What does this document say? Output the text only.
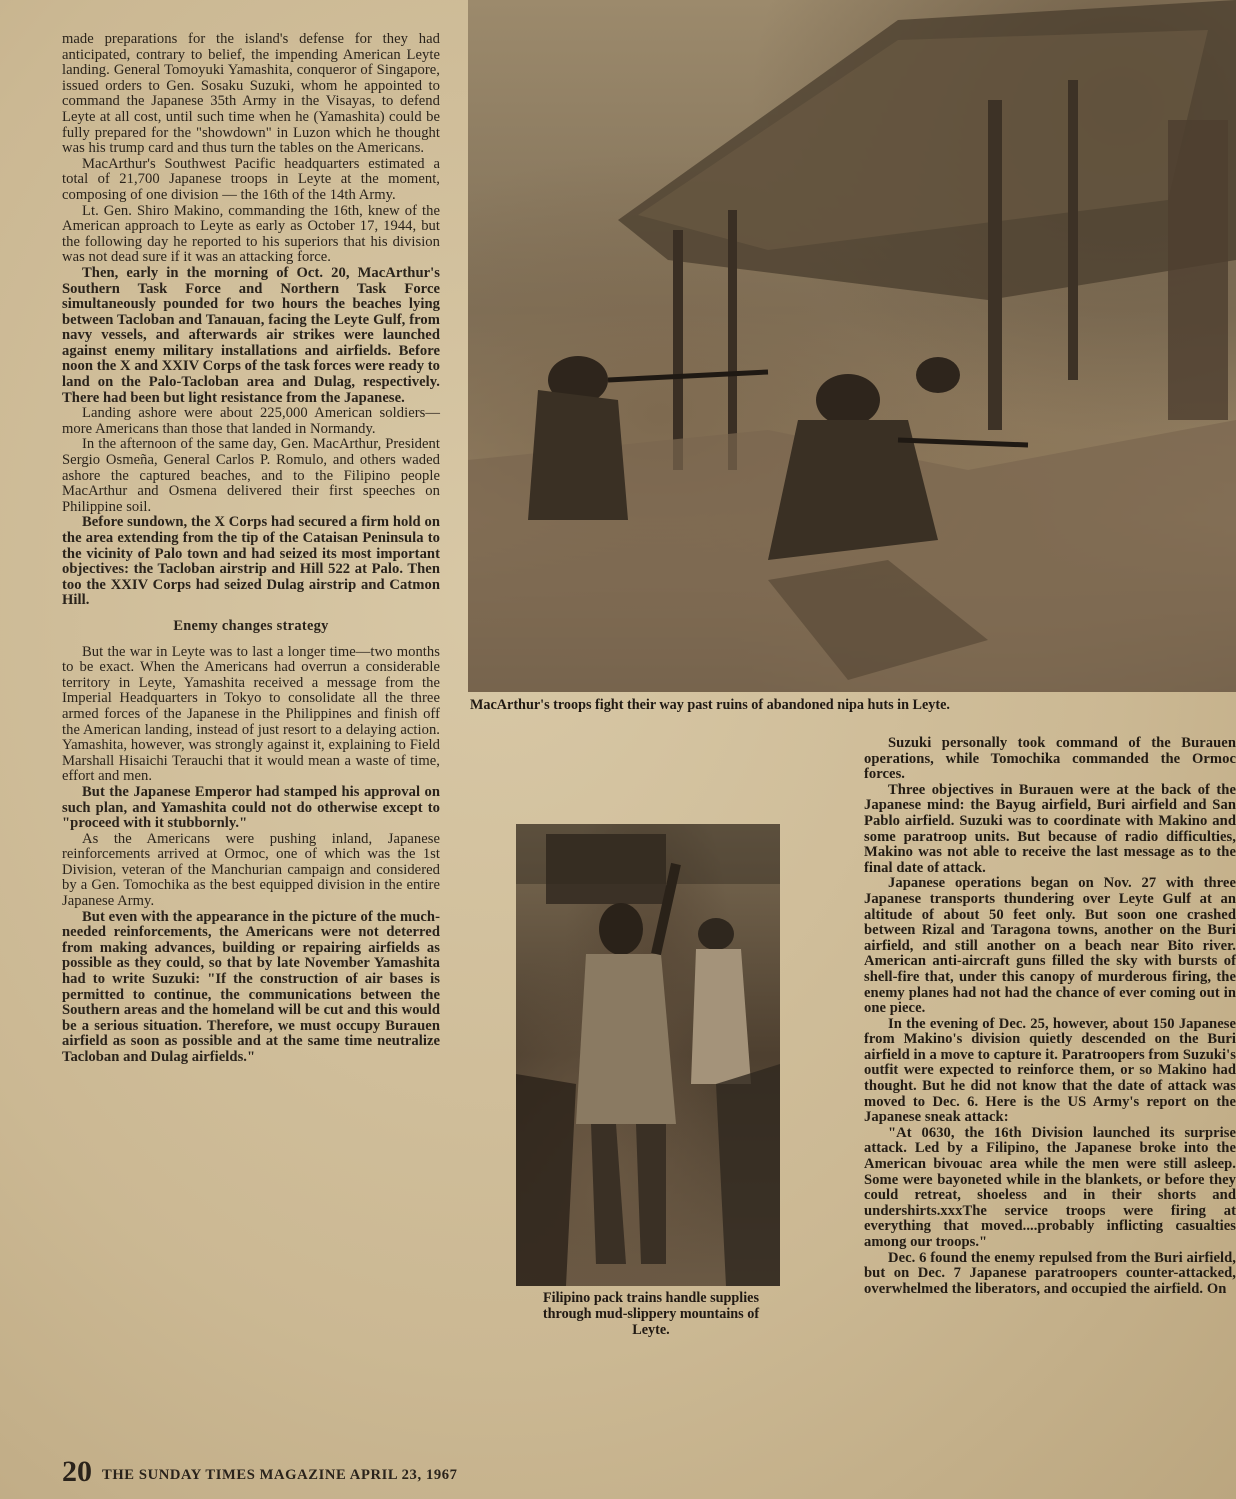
made preparations for the island's defense for they had anticipated, contrary to belief, the impending American Leyte landing. General Tomoyuki Yamashita, conqueror of Singapore, issued orders to Gen. Sosaku Suzuki, whom he appointed to command the Japanese 35th Army in the Visayas, to defend Leyte at all cost, until such time when he (Yamashita) could be fully prepared for the "showdown" in Luzon which he thought was his trump card and thus turn the tables on the Americans.

MacArthur's Southwest Pacific headquarters estimated a total of 21,700 Japanese troops in Leyte at the moment, composing of one division — the 16th of the 14th Army.

Lt. Gen. Shiro Makino, commanding the 16th, knew of the American approach to Leyte as early as October 17, 1944, but the following day he reported to his superiors that his division was not dead sure if it was an attacking force.

Then, early in the morning of Oct. 20, MacArthur's Southern Task Force and Northern Task Force simultaneously pounded for two hours the beaches lying between Tacloban and Tanauan, facing the Leyte Gulf, from navy vessels, and afterwards air strikes were launched against enemy military installations and airfields. Before noon the X and XXIV Corps of the task forces were ready to land on the Palo-Tacloban area and Dulag, respectively. There had been but light resistance from the Japanese.

Landing ashore were about 225,000 American soldiers—more Americans than those that landed in Normandy.

In the afternoon of the same day, Gen. MacArthur, President Sergio Osmeña, General Carlos P. Romulo, and others waded ashore the captured beaches, and to the Filipino people MacArthur and Osmena delivered their first speeches on Philippine soil.

Before sundown, the X Corps had secured a firm hold on the area extending from the tip of the Cataisan Peninsula to the vicinity of Palo town and had seized its most important objectives: the Tacloban airstrip and Hill 522 at Palo. Then too the XXIV Corps had seized Dulag airstrip and Catmon Hill.

Enemy changes strategy

But the war in Leyte was to last a longer time—two months to be exact. When the Americans had overrun a considerable territory in Leyte, Yamashita received a message from the Imperial Headquarters in Tokyo to consolidate all the three armed forces of the Japanese in the Philippines and finish off the American landing, instead of just resort to a delaying action. Yamashita, however, was strongly against it, explaining to Field Marshall Hisaichi Terauchi that it would mean a waste of time, effort and men.

But the Japanese Emperor had stamped his approval on such plan, and Yamashita could not do otherwise except to "proceed with it stubbornly."

As the Americans were pushing inland, Japanese reinforcements arrived at Ormoc, one of which was the 1st Division, veteran of the Manchurian campaign and considered by a Gen. Tomochika as the best equipped division in the entire Japanese Army.

But even with the appearance in the picture of the much-needed reinforcements, the Americans were not deterred from making advances, building or repairing airfields as possible as they could, so that by late November Yamashita had to write Suzuki: "If the construction of air bases is permitted to continue, the communications between the Southern areas and the homeland will be cut and this would be a serious situation. Therefore, we must occupy Burauen airfield as soon as possible and at the same time neutralize Tacloban and Dulag airfields."

MacArthur's troops fight their way past ruins of abandoned nipa huts in Leyte.
Filipino pack trains handle supplies through mud-slippery mountains of Leyte.

Suzuki personally took command of the Burauen operations, while Tomochika commanded the Ormoc forces.

Three objectives in Burauen were at the back of the Japanese mind: the Bayug airfield, Buri airfield and San Pablo airfield. Suzuki was to coordinate with Makino and some paratroop units. But because of radio difficulties, Makino was not able to receive the last message as to the final date of attack.

Japanese operations began on Nov. 27 with three Japanese transports thundering over Leyte Gulf at an altitude of about 50 feet only. But soon one crashed between Rizal and Taragona towns, another on the Buri airfield, and still another on a beach near Bito river. American anti-aircraft guns filled the sky with bursts of shell-fire that, under this canopy of murderous firing, the enemy planes had not had the chance of ever coming out in one piece.

In the evening of Dec. 25, however, about 150 Japanese from Makino's division quietly descended on the Buri airfield in a move to capture it. Paratroopers from Suzuki's outfit were expected to reinforce them, or so Makino had thought. But he did not know that the date of attack was moved to Dec. 6. Here is the US Army's report on the Japanese sneak attack:

"At 0630, the 16th Division launched its surprise attack. Led by a Filipino, the Japanese broke into the American bivouac area while the men were still asleep. Some were bayoneted while in the blankets, or before they could retreat, shoeless and in their shorts and undershirts.xxxThe service troops were firing at everything that moved....probably inflicting casualties among our troops."

Dec. 6 found the enemy repulsed from the Buri airfield, but on Dec. 7 Japanese paratroopers counter-attacked, overwhelmed the liberators, and occupied the airfield. On

20 THE SUNDAY TIMES MAGAZINE APRIL 23, 1967
